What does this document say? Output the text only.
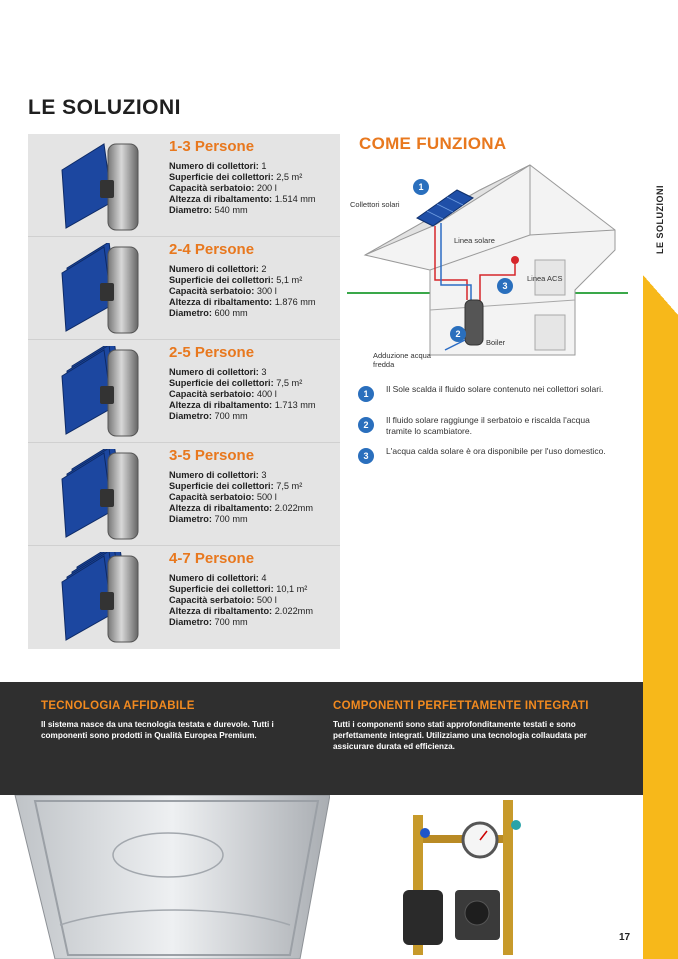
LE SOLUZIONI
LE SOLUZIONI
1-3 Persone
Numero di collettori: 1
Superficie dei collettori: 2,5 m²
Capacità serbatoio: 200 l
Altezza di ribaltamento: 1.514 mm
Diametro: 540 mm
2-4 Persone
Numero di collettori: 2
Superficie dei collettori: 5,1 m²
Capacità serbatoio: 300 l
Altezza di ribaltamento: 1.876 mm
Diametro: 600 mm
2-5 Persone
Numero di collettori: 3
Superficie dei collettori: 7,5 m²
Capacità serbatoio: 400 l
Altezza di ribaltamento: 1.713 mm
Diametro: 700 mm
3-5 Persone
Numero di collettori: 3
Superficie dei collettori: 7,5 m²
Capacità serbatoio: 500 l
Altezza di ribaltamento: 2.022mm
Diametro: 700 mm
4-7 Persone
Numero di collettori: 4
Superficie dei collettori: 10,1 m²
Capacità serbatoio: 500 l
Altezza di ribaltamento: 2.022mm
Diametro: 700 mm
COME FUNZIONA
1
2
3
Collettori solari
Linea solare
Linea ACS
Boiler
Adduzione acqua fredda
1	Il Sole scalda il fluido solare contenuto nei collettori solari.
2	Il fluido solare raggiunge il serbatoio e riscalda l'acqua tramite lo scambiatore.
3	L'acqua calda solare è ora disponibile per l'uso domestico.
TECNOLOGIA AFFIDABILE
Il sistema nasce da una tecnologia testata e durevole. Tutti i componenti sono prodotti in Qualità Europea Premium.
COMPONENTI PERFETTAMENTE INTEGRATI
Tutti i componenti sono stati approfonditamente testati e sono perfettamente integrati. Utilizziamo una tecnologia collaudata per assicurare durata ed efficienza.
17
